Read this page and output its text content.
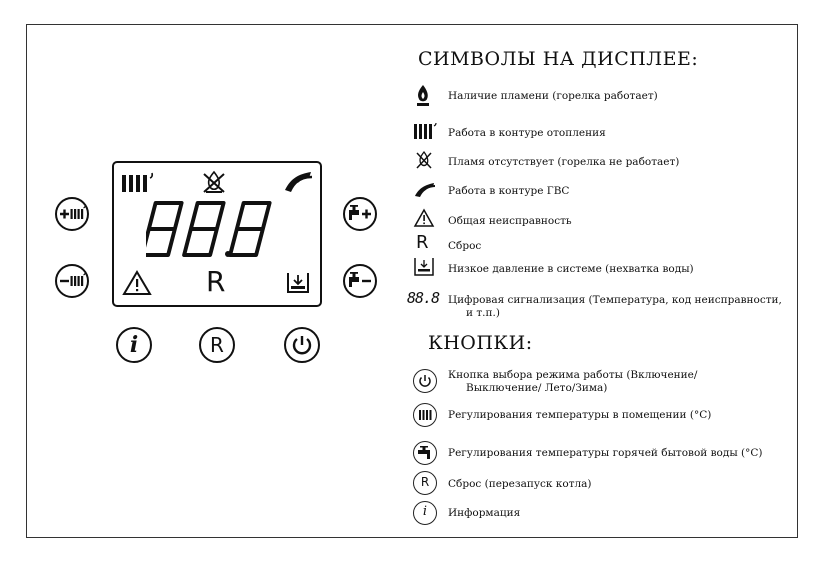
R
i	R
СИМВОЛЫ НА ДИСПЛЕЕ:
Наличие пламени (горелка работает)
Работа в контуре отопления
Пламя отсутствует (горелка не работает)
Работа в контуре ГВС
Общая неисправность
R Сброс
Низкое давление в системе (нехватка воды)
88.8 Цифровая сигнализация (Температура, код неисправности,
и т.п.)
КНОПКИ:
Кнопка выбора режима работы (Включение/
Выключение/ Лето/Зима)
Регулирования температуры в помещении (°С)
Регулирования температуры горячей бытовой воды (°С)
R	Сброс (перезапуск котла)
i	Информация
